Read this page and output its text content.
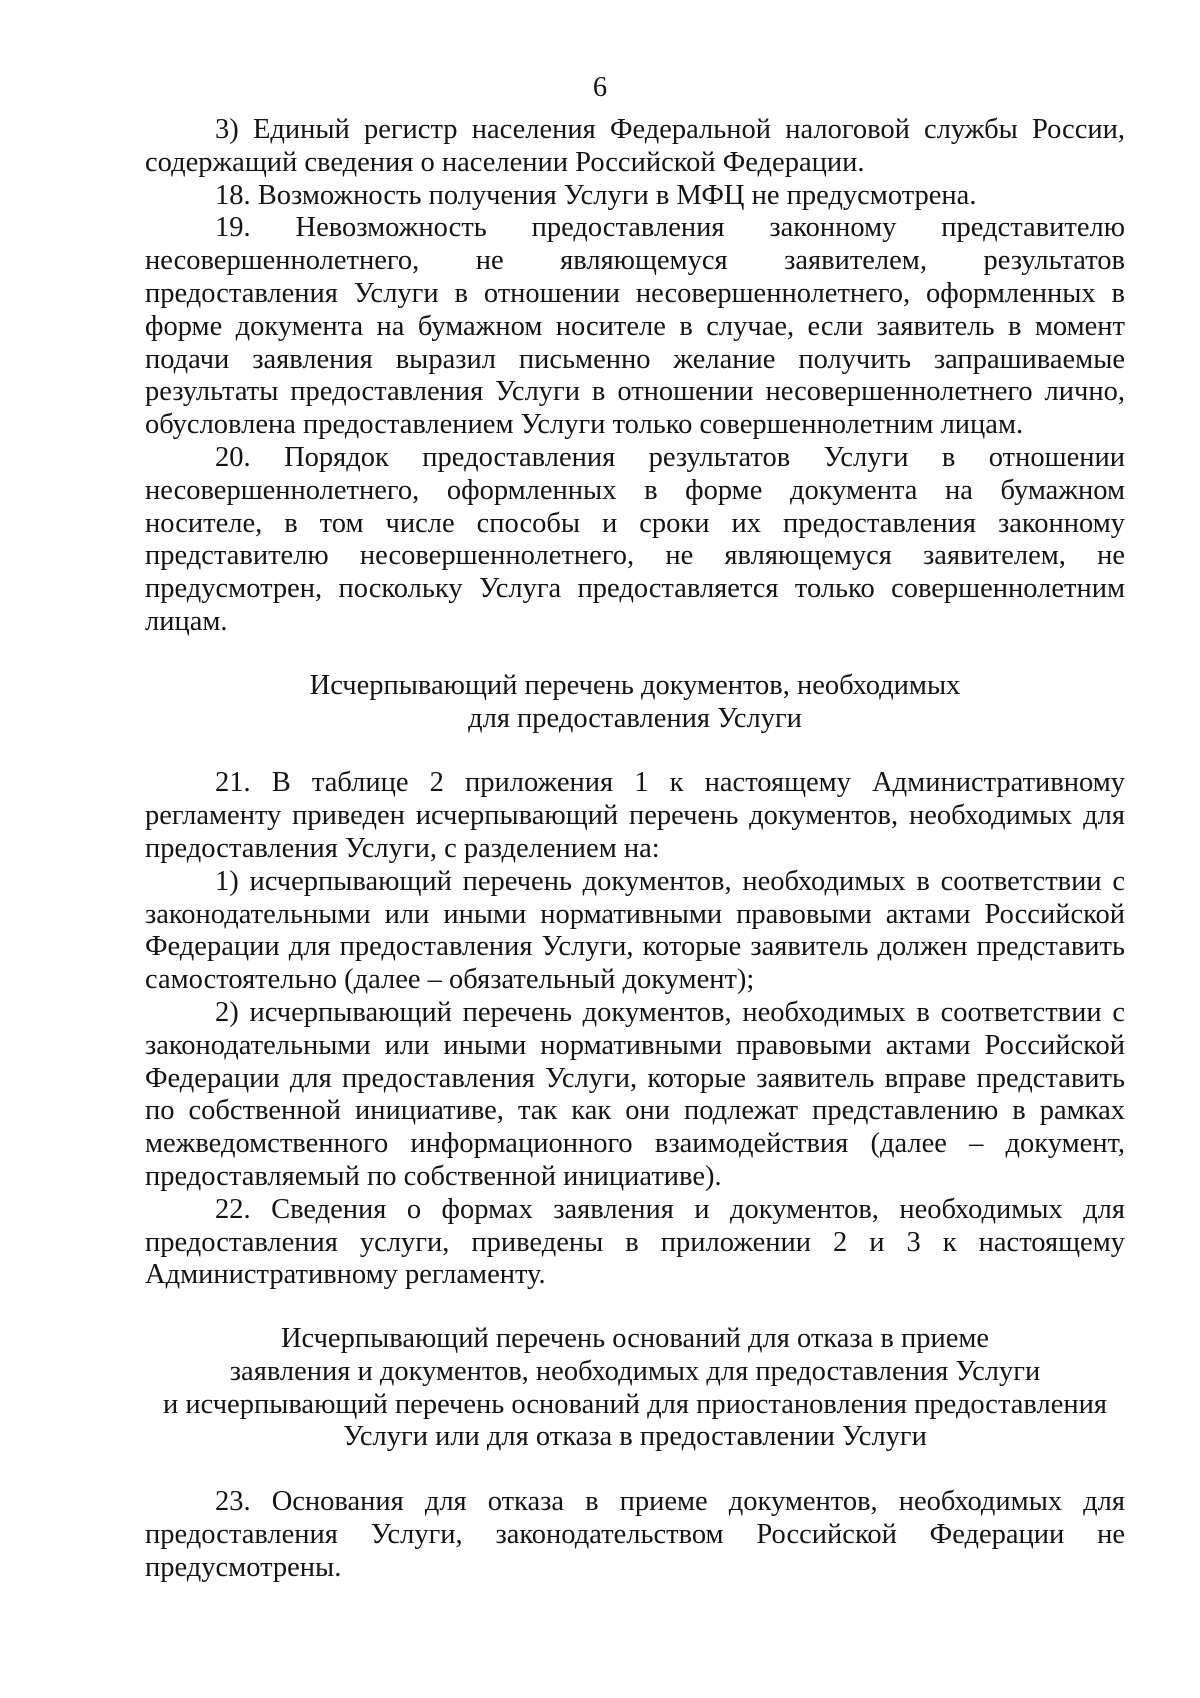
6

3) Единый регистр населения Федеральной налоговой службы России, содержащий сведения о населении Российской Федерации.

18. Возможность получения Услуги в МФЦ не предусмотрена.

19. Невозможность предоставления законному представителю несовершеннолетнего, не являющемуся заявителем, результатов предоставления Услуги в отношении несовершеннолетнего, оформленных в форме документа на бумажном носителе в случае, если заявитель в момент подачи заявления выразил письменно желание получить запрашиваемые результаты предоставления Услуги в отношении несовершеннолетнего лично, обусловлена предоставлением Услуги только совершеннолетним лицам.

20. Порядок предоставления результатов Услуги в отношении несовершеннолетнего, оформленных в форме документа на бумажном носителе, в том числе способы и сроки их предоставления законному представителю несовершеннолетнего, не являющемуся заявителем, не предусмотрен, поскольку Услуга предоставляется только совершеннолетним лицам.

Исчерпывающий перечень документов, необходимых
для предоставления Услуги

21. В таблице 2 приложения 1 к настоящему Административному регламенту приведен исчерпывающий перечень документов, необходимых для предоставления Услуги, с разделением на:

1) исчерпывающий перечень документов, необходимых в соответствии с законодательными или иными нормативными правовыми актами Российской Федерации для предоставления Услуги, которые заявитель должен представить самостоятельно (далее – обязательный документ);

2) исчерпывающий перечень документов, необходимых в соответствии с законодательными или иными нормативными правовыми актами Российской Федерации для предоставления Услуги, которые заявитель вправе представить по собственной инициативе, так как они подлежат представлению в рамках межведомственного информационного взаимодействия (далее – документ, предоставляемый по собственной инициативе).

22. Сведения о формах заявления и документов, необходимых для предоставления услуги, приведены в приложении 2 и 3 к настоящему Административному регламенту.

Исчерпывающий перечень оснований для отказа в приеме
заявления и документов, необходимых для предоставления Услуги
и исчерпывающий перечень оснований для приостановления предоставления
Услуги или для отказа в предоставлении Услуги

23. Основания для отказа в приеме документов, необходимых для предоставления Услуги, законодательством Российской Федерации не предусмотрены.
